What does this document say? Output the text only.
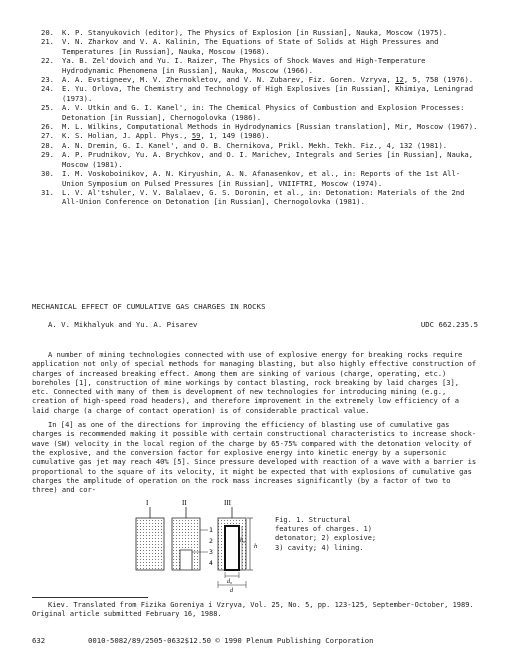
20.	K. P. Stanyukovich (editor), The Physics of Explosion [in Russian], Nauka, Moscow (1975).
21.	V. N. Zharkov and V. A. Kalinin, The Equations of State of Solids at High Pressures and Temperatures [in Russian], Nauka, Moscow (1968).
22.	Ya. B. Zel'dovich and Yu. I. Raizer, The Physics of Shock Waves and High-Temperature Hydrodynamic Phenomena [in Russian], Nauka, Moscow (1966).
23.	A. A. Evstigneev, M. V. Zhernokletov, and V. N. Zubarev, Fiz. Goren. Vzryva, 12, 5, 758 (1976).
24.	E. Yu. Orlova, The Chemistry and Technology of High Explosives [in Russian], Khimiya, Leningrad (1973).
25.	A. V. Utkin and G. I. Kanel', in: The Chemical Physics of Combustion and Explosion Processes: Detonation [in Russian], Chernogolovka (1986).
26.	M. L. Wilkins, Computational Methods in Hydrodynamics [Russian translation], Mir, Moscow (1967).
27.	K. S. Holian, J. Appl. Phys., 59, 1, 149 (1986).
28.	A. N. Dremin, G. I. Kanel', and O. B. Chernikova, Prikl. Mekh. Tekh. Fiz., 4, 132 (1981).
29.	A. P. Prudnikov, Yu. A. Brychkov, and O. I. Marichev, Integrals and Series [in Russian], Nauka, Moscow (1981).
30.	I. M. Voskoboinikov, A. N. Kiryushin, A. N. Afanasenkov, et al., in: Reports of the 1st All-Union Symposium on Pulsed Pressures [in Russian], VNIIFTRI, Moscow (1974).
31.	L. V. Al'tshuler, V. V. Balalaev, G. S. Doronin, et al., in: Detonation: Materials of the 2nd All-Union Conference on Detonation [in Russian], Chernogolovka (1981).
MECHANICAL EFFECT OF CUMULATIVE GAS CHARGES IN ROCKS
A. V. Mikhalyuk and Yu. A. Pisarev	UDC 662.235.5

A number of mining technologies connected with use of explosive energy for breaking rocks require application not only of special methods for managing blasting, but also highly effective construction of charges of increased breaking effect. Among them are sinking of various (charge, operating, etc.) boreholes [1], construction of mine workings by contact blasting, rock breaking by laid charges [3], etc. Connected with many of them is development of new technologies for introducing mining (e.g., creation of high-speed road headers), and therefore improvement in the extremely low efficiency of a laid charge (a charge of contact operation) is of considerable practical value.

In [4] as one of the directions for improving the efficiency of blasting use of cumulative gas charges is recommended making it possible with certain constructional characteristics to increase shock-wave (SW) velocity in the local region of the charge by 65-75% compared with the detonation velocity of the explosive, and the conversion factor for explosive energy into kinetic energy by a supersonic cumulative gas jet may reach 40% [5]. Since pressure developed with reaction of a wave with a barrier is proportional to the square of its velocity, it might be expected that with explosions of cumulative gas charges the amplitude of operation on the rock mass increases significantly (by a factor of two to three) and cor-

I	II
1
2
3
4
III
h
h₀
d₀
d
Fig. 1. Structural features of charges. 1) detonator; 2) explosive; 3) cavity; 4) lining.
Kiev. Translated from Fizika Goreniya i Vzryva, Vol. 25, No. 5, pp. 123-125, September-October, 1989. Original article submitted February 16, 1988.
632	0010-5082/89/2505-0632$12.50 © 1990 Plenum Publishing Corporation
